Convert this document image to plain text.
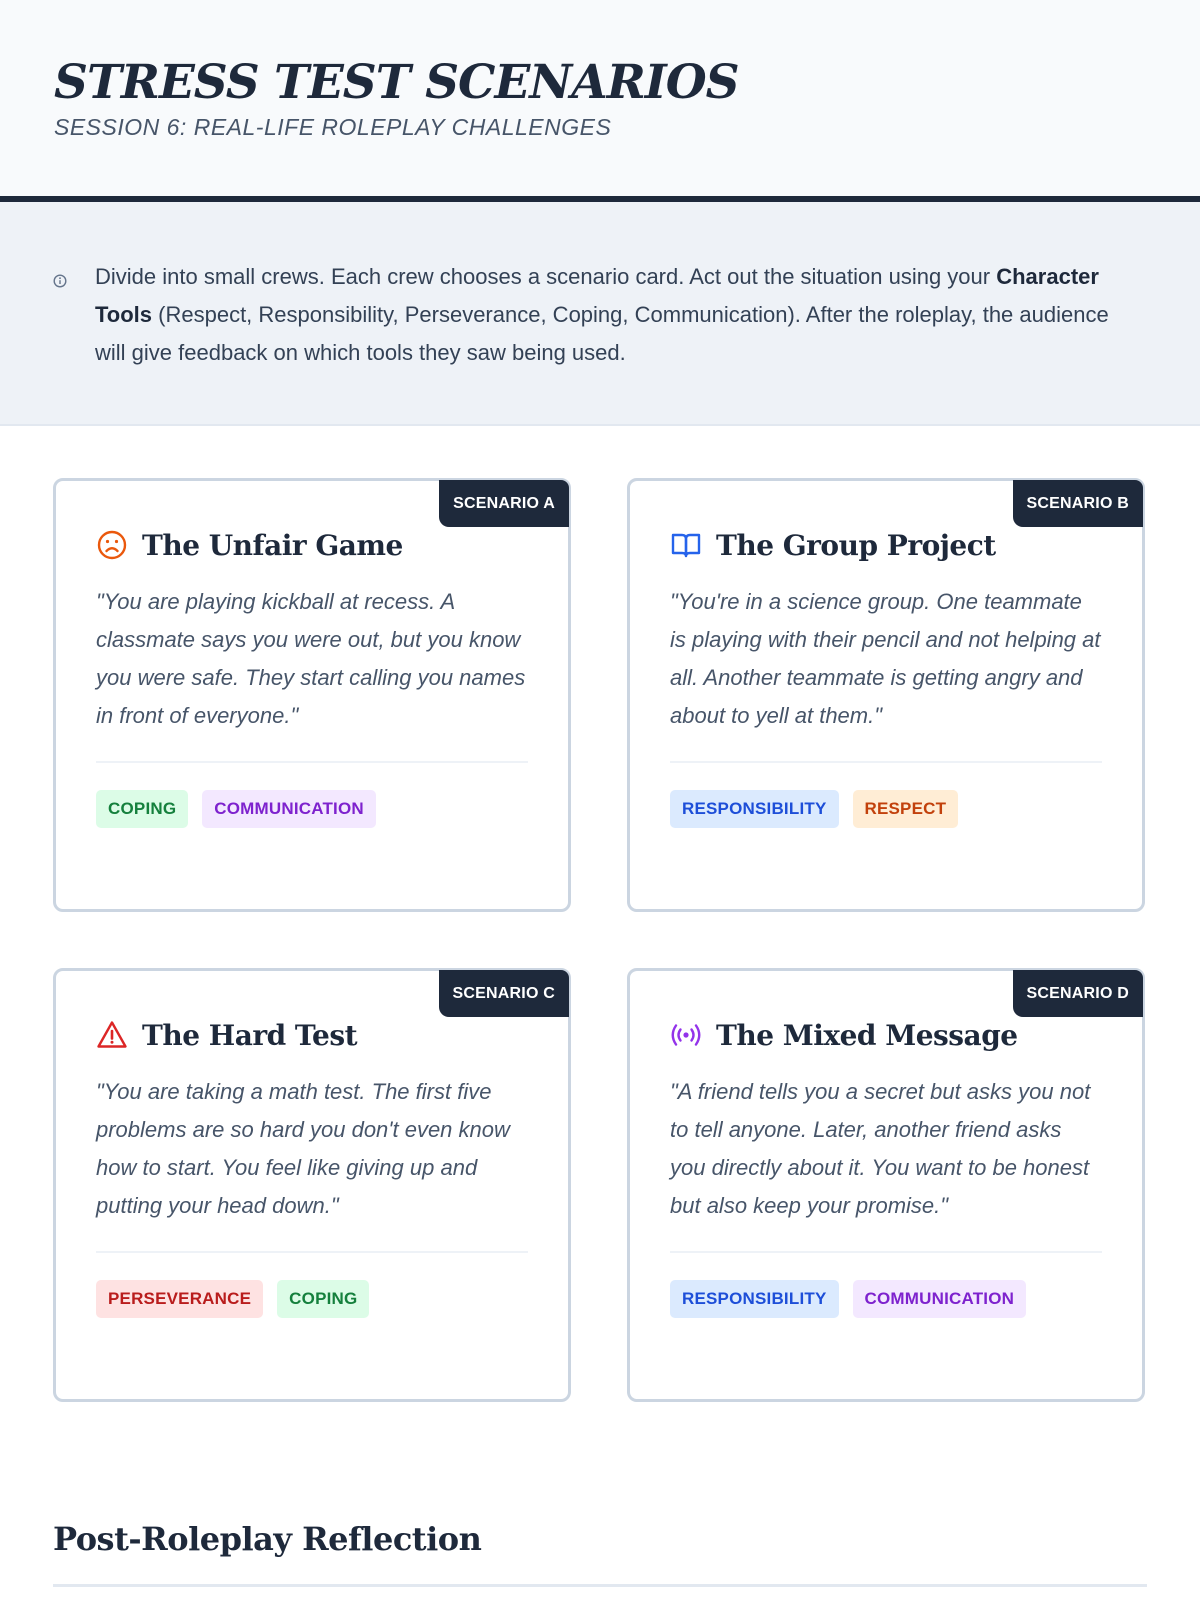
STRESS TEST SCENARIOS
SESSION 6: REAL-LIFE ROLEPLAY CHALLENGES

Divide into small crews. Each crew chooses a scenario card. Act out the situation using your Character Tools (Respect, Responsibility, Perseverance, Coping, Communication). After the roleplay, the audience will give feedback on which tools they saw being used.

SCENARIO A
The Unfair Game
"You are playing kickball at recess. A classmate says you were out, but you know you were safe. They start calling you names in front of everyone."
COPING	COMMUNICATION
SCENARIO B
The Group Project
"You're in a science group. One teammate is playing with their pencil and not helping at all. Another teammate is getting angry and about to yell at them."
RESPONSIBILITY	RESPECT
SCENARIO C
The Hard Test
"You are taking a math test. The first five problems are so hard you don't even know how to start. You feel like giving up and putting your head down."
PERSEVERANCE	COPING
SCENARIO D
The Mixed Message
"A friend tells you a secret but asks you not to tell anyone. Later, another friend asks you directly about it. You want to be honest but also keep your promise."
RESPONSIBILITY	COMMUNICATION
Post-Roleplay Reflection
